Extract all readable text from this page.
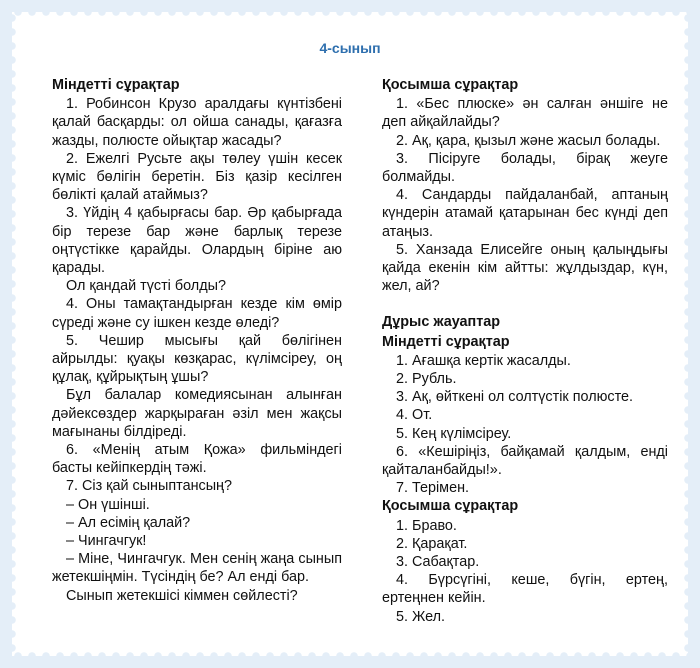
4-сынып

Міндетті сұрақтар

1. Робинсон Крузо аралдағы күнтізбені қалай басқарды: ол ойша санады, қағазға жазды, полюсте ойықтар жасады?

2. Ежелгі Русьте ақы төлеу үшін кесек күміс бөлігін беретін. Біз қазір кесілген бөлікті қалай атаймыз?

3. Үйдің 4 қабырғасы бар. Әр қабырғада бір терезе бар және барлық терезе оңтүстікке қарайды. Олардың біріне аю қарады.

Ол қандай түсті болды?

4. Оны тамақтандырған кезде кім өмір сүреді және су ішкен кезде өледі?

5. Чешир мысығы қай бөлігінен айрылды: қуақы көзқарас, күлімсіреу, оң құлақ, құйрықтың ұшы?

Бұл балалар комедиясынан алынған дәйексөздер жарқыраған әзіл мен жақсы мағынаны білдіреді.

6. «Менің атым Қожа» фильміндегі басты кейіпкердің тәжі.

7. Сіз қай сыныптансың?

– Он үшінші.

– Ал есімің қалай?

– Чингачгук!

– Міне, Чингачгук. Мен сенің жаңа сынып жетекшіңмін. Түсіндің бе? Ал енді бар.

Сынып жетекшісі кіммен сөйлесті?

Қосымша сұрақтар

1. «Бес плюске» ән салған әншіге не деп айқайлайды?

2. Ақ, қара, қызыл және жасыл болады.

3. Пісіруге болады, бірақ жеуге болмайды.

4. Сандарды пайдаланбай, аптаның күндерін атамай қатарынан бес күнді деп атаңыз.

5. Ханзада Елисейге оның қалыңдығы қайда екенін кім айтты: жұлдыздар, күн, жел, ай?

Дұрыс жауаптар

Міндетті сұрақтар

1. Ағашқа кертік жасалды.

2. Рубль.

3. Ақ, өйткені ол солтүстік полюсте.

4. От.

5. Кең күлімсіреу.

6. «Кешіріңіз, байқамай қалдым, енді қайталанбайды!».

7. Терімен.

Қосымша сұрақтар

1. Браво.

2. Қарақат.

3. Сабақтар.

4. Бүрсүгіні, кеше, бүгін, ертең, ертеңнен кейін.

5. Жел.
